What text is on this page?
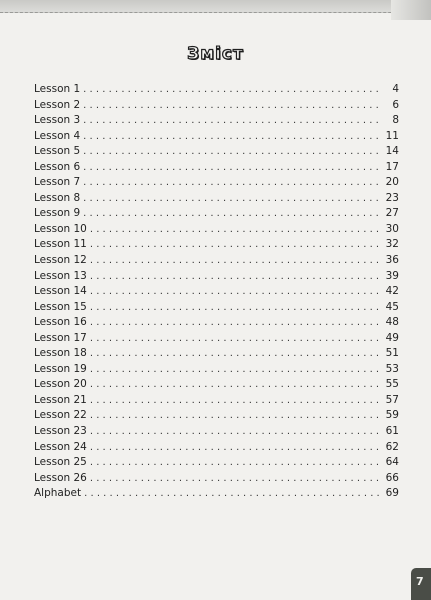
Зміст
Lesson 1 . . .	4
Lesson 2 . . .	6
Lesson 3 . . .	8
Lesson 4 . . .	11
Lesson 5 . . .	14
Lesson 6 . . .	17
Lesson 7 . . .	20
Lesson 8 . . .	23
Lesson 9 . . .	27
Lesson 10 . . .	30
Lesson 11 . . .	32
Lesson 12 . . .	36
Lesson 13 . . .	39
Lesson 14 . . .	42
Lesson 15 . . .	45
Lesson 16 . . .	48
Lesson 17 . . .	49
Lesson 18 . . .	51
Lesson 19 . . .	53
Lesson 20 . . .	55
Lesson 21 . . .	57
Lesson 22 . . .	59
Lesson 23 . . .	61
Lesson 24 . . .	62
Lesson 25 . . .	64
Lesson 26 . . .	66
Alphabet . . .	69
7
